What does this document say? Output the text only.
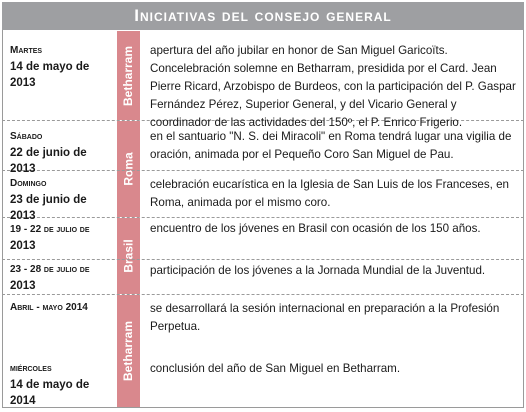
Iniciativas del consejo general
Betharram
Roma
Brasil
Betharram
Martes
14 de mayo de 2013
apertura del año jubilar en honor de San Miguel Garicoïts. Concelebración solemne en Betharram, presidida por el Card. Jean Pierre Ricard, Arzobispo de Burdeos, con la participación del P. Gaspar Fernández Pérez, Superior General, y del Vicario General y coordinador de las actividades del 150º, el P. Enrico Frigerio.
Sábado
22 de junio de 2013
en el santuario "N. S. dei Miracoli" en Roma tendrá lugar una vigilia de oración, animada por el Pequeño Coro San Miguel de Pau.
Domingo
23 de junio de 2013
celebración eucarística en la Iglesia de San Luis de los Franceses, en Roma, animada por el mismo coro.
19 - 22 de julio de
2013
encuentro de los jóvenes en Brasil con ocasión de los 150 años.
23 - 28 de julio de
2013
participación de los jóvenes a la Jornada Mundial de la Juventud.
Abril - mayo 2014	se desarrollará la sesión internacional en preparación a la Profesión Perpetua.
miércoles
14 de mayo de 2014
conclusión del año de San Miguel en Betharram.
